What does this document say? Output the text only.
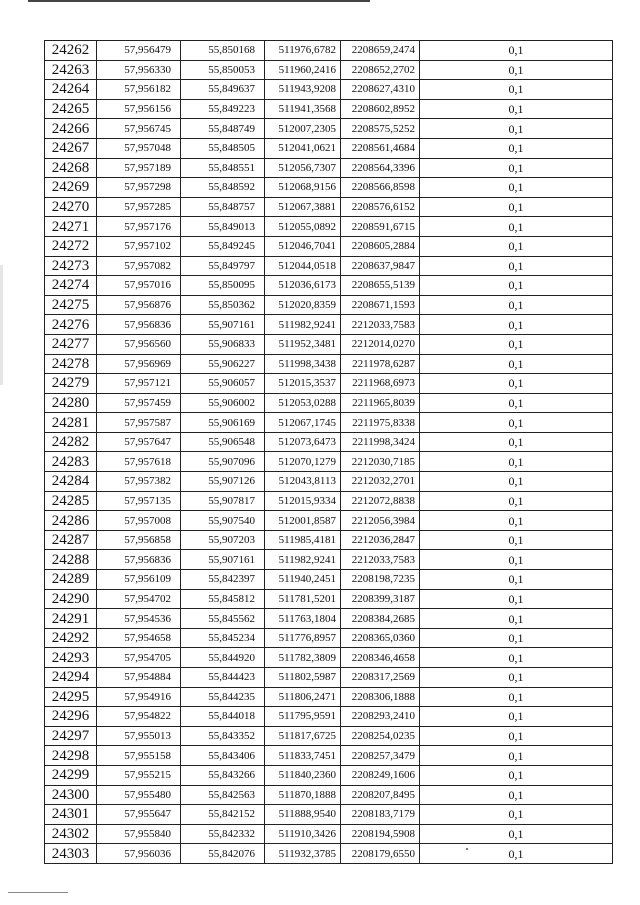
24262	57,956479	55,850168	511976,6782	2208659,2474	0,1
24263	57,956330	55,850053	511960,2416	2208652,2702	0,1
24264	57,956182	55,849637	511943,9208	2208627,4310	0,1
24265	57,956156	55,849223	511941,3568	2208602,8952	0,1
24266	57,956745	55,848749	512007,2305	2208575,5252	0,1
24267	57,957048	55,848505	512041,0621	2208561,4684	0,1
24268	57,957189	55,848551	512056,7307	2208564,3396	0,1
24269	57,957298	55,848592	512068,9156	2208566,8598	0,1
24270	57,957285	55,848757	512067,3881	2208576,6152	0,1
24271	57,957176	55,849013	512055,0892	2208591,6715	0,1
24272	57,957102	55,849245	512046,7041	2208605,2884	0,1
24273	57,957082	55,849797	512044,0518	2208637,9847	0,1
24274	57,957016	55,850095	512036,6173	2208655,5139	0,1
24275	57,956876	55,850362	512020,8359	2208671,1593	0,1
24276	57,956836	55,907161	511982,9241	2212033,7583	0,1
24277	57,956560	55,906833	511952,3481	2212014,0270	0,1
24278	57,956969	55,906227	511998,3438	2211978,6287	0,1
24279	57,957121	55,906057	512015,3537	2211968,6973	0,1
24280	57,957459	55,906002	512053,0288	2211965,8039	0,1
24281	57,957587	55,906169	512067,1745	2211975,8338	0,1
24282	57,957647	55,906548	512073,6473	2211998,3424	0,1
24283	57,957618	55,907096	512070,1279	2212030,7185	0,1
24284	57,957382	55,907126	512043,8113	2212032,2701	0,1
24285	57,957135	55,907817	512015,9334	2212072,8838	0,1
24286	57,957008	55,907540	512001,8587	2212056,3984	0,1
24287	57,956858	55,907203	511985,4181	2212036,2847	0,1
24288	57,956836	55,907161	511982,9241	2212033,7583	0,1
24289	57,956109	55,842397	511940,2451	2208198,7235	0,1
24290	57,954702	55,845812	511781,5201	2208399,3187	0,1
24291	57,954536	55,845562	511763,1804	2208384,2685	0,1
24292	57,954658	55,845234	511776,8957	2208365,0360	0,1
24293	57,954705	55,844920	511782,3809	2208346,4658	0,1
24294	57,954884	55,844423	511802,5987	2208317,2569	0,1
24295	57,954916	55,844235	511806,2471	2208306,1888	0,1
24296	57,954822	55,844018	511795,9591	2208293,2410	0,1
24297	57,955013	55,843352	511817,6725	2208254,0235	0,1
24298	57,955158	55,843406	511833,7451	2208257,3479	0,1
24299	57,955215	55,843266	511840,2360	2208249,1606	0,1
24300	57,955480	55,842563	511870,1888	2208207,8495	0,1
24301	57,955647	55,842152	511888,9540	2208183,7179	0,1
24302	57,955840	55,842332	511910,3426	2208194,5908	0,1
24303	57,956036	55,842076	511932,3785	2208179,6550	0,1
